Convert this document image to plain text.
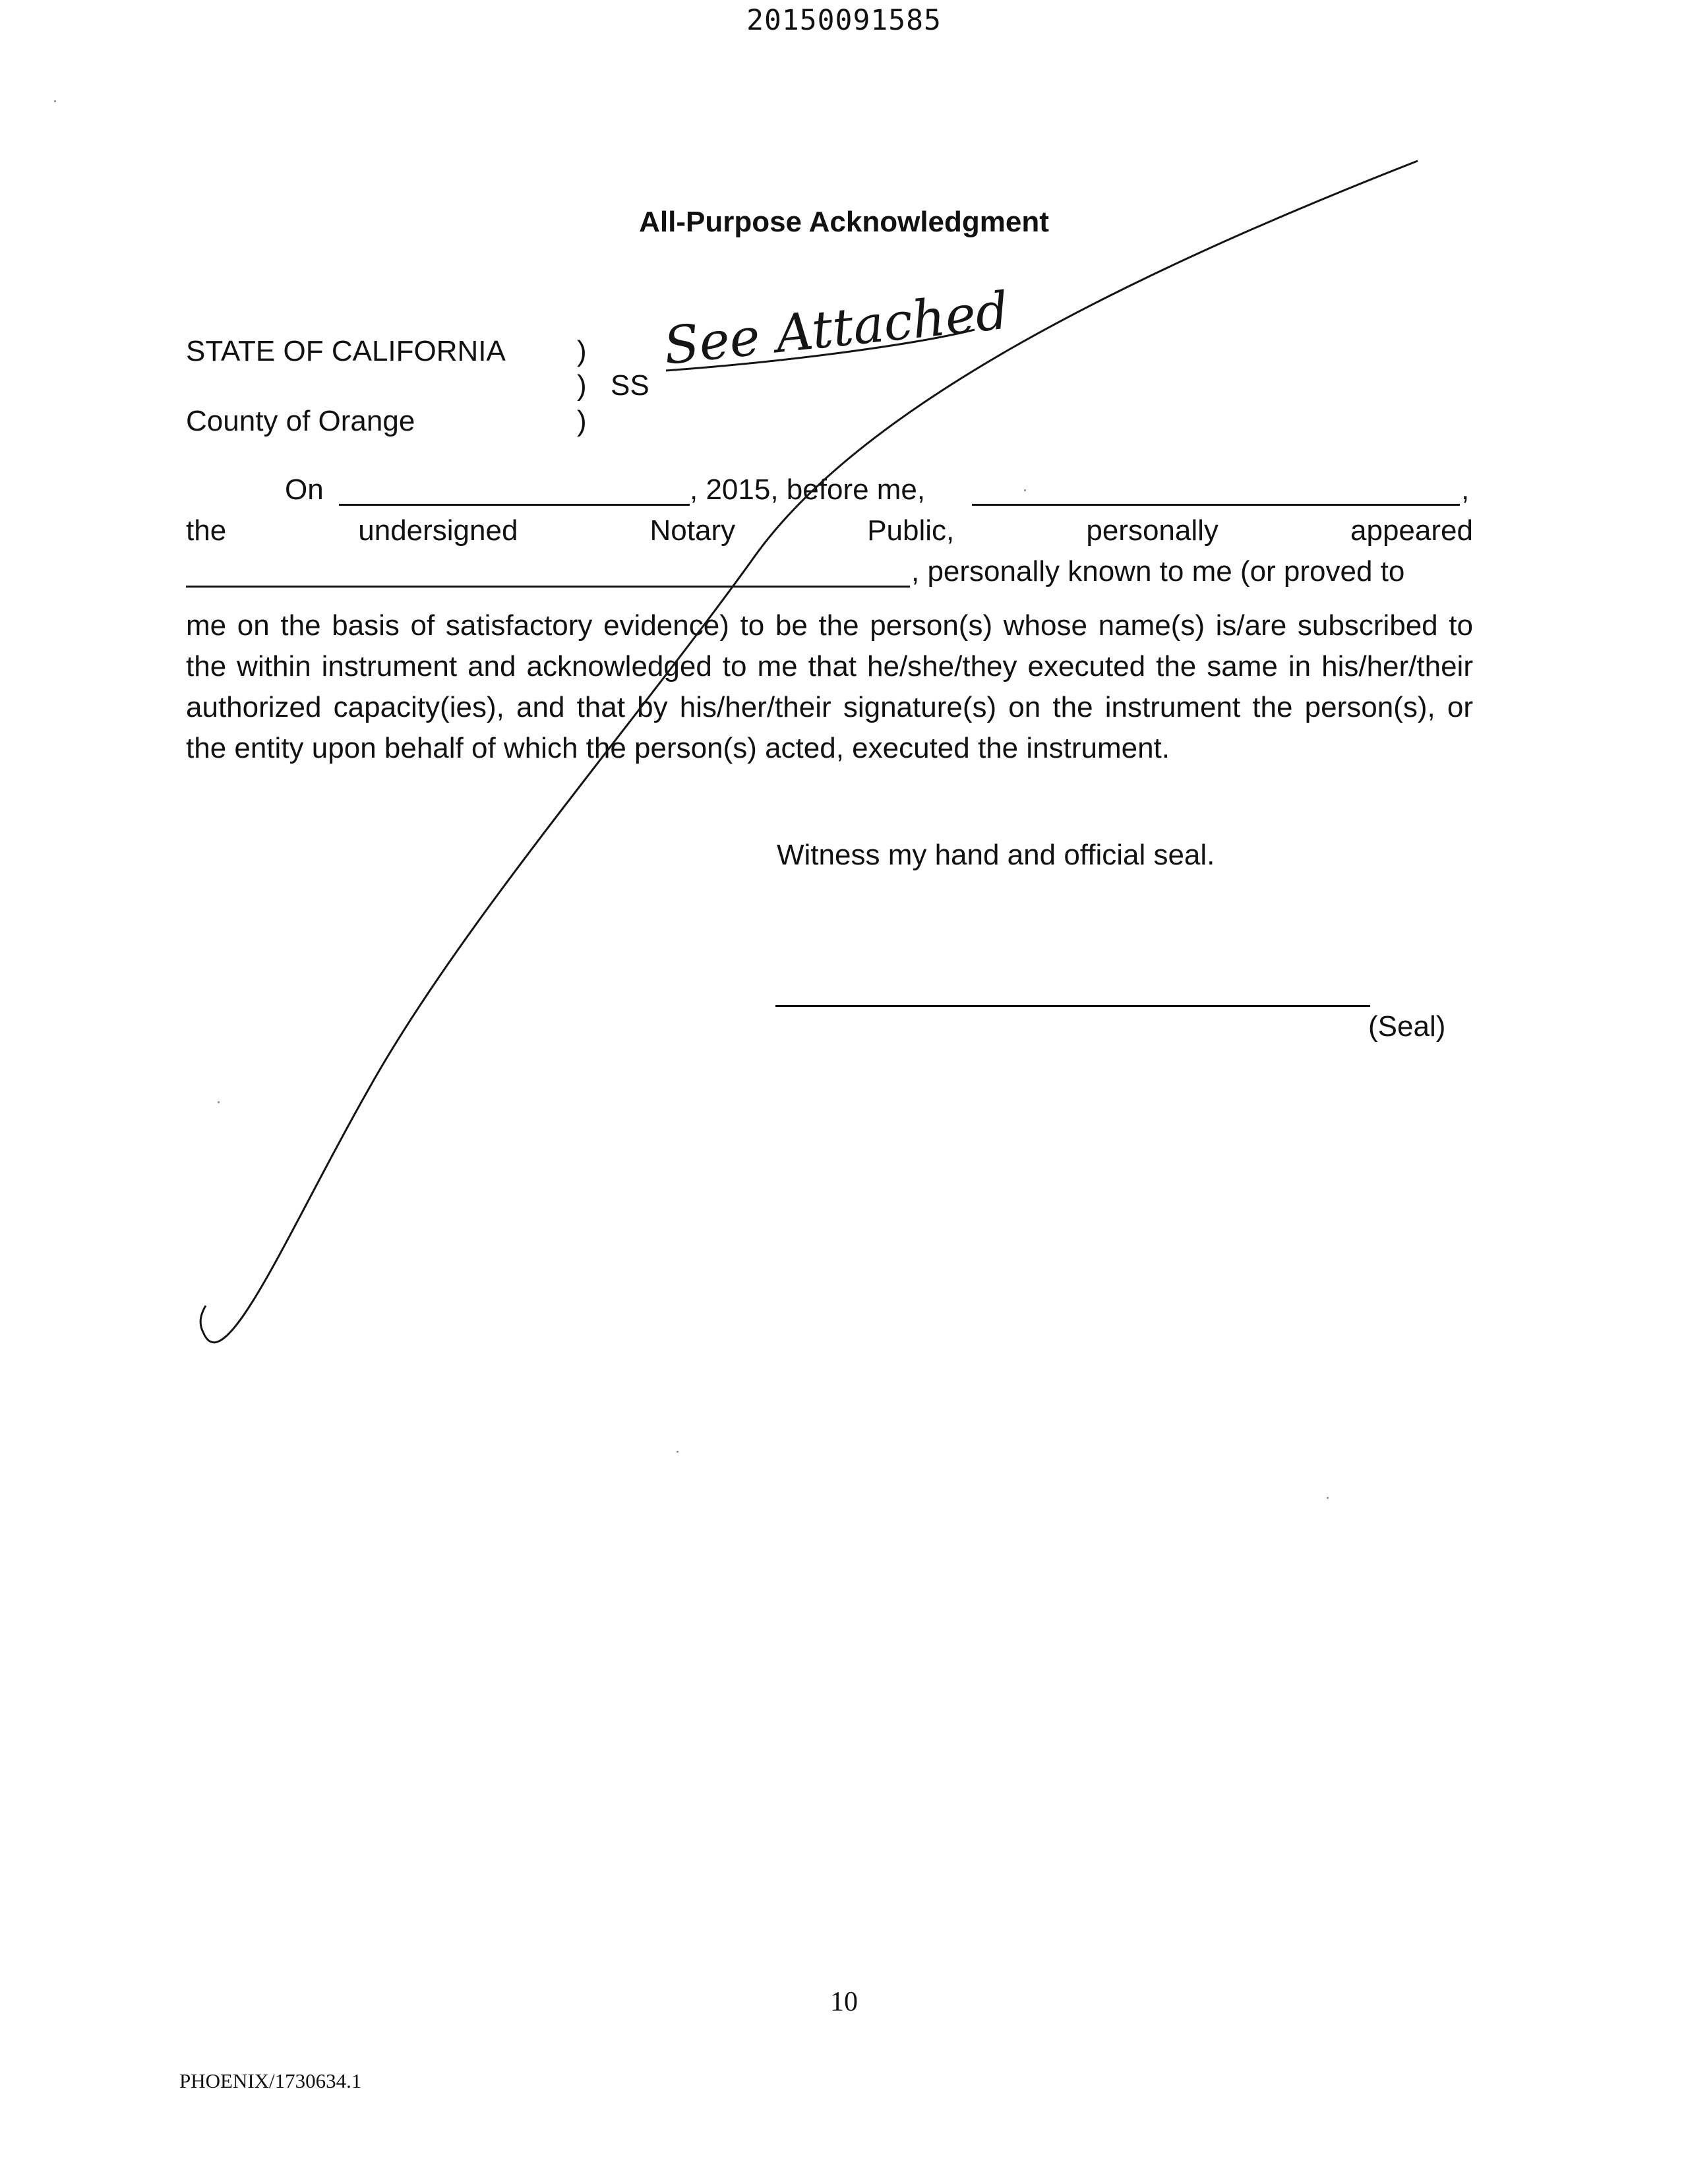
20150091585
All-Purpose Acknowledgment
STATE OF CALIFORNIA )
) SS
County of Orange	)
On	, 2015, before me,	,
the	undersigned	Notary	Public,	personally	appeared
, personally known to me (or proved to
me on the basis of satisfactory evidence) to be the person(s) whose name(s) is/are subscribed to the within instrument and acknowledged to me that he/she/they executed the same in his/her/their authorized capacity(ies), and that by his/her/their signature(s) on the instrument the person(s), or the entity upon behalf of which the person(s) acted, executed the instrument.
Witness my hand and official seal.
(Seal)
See Attached
10
PHOENIX/1730634.1
